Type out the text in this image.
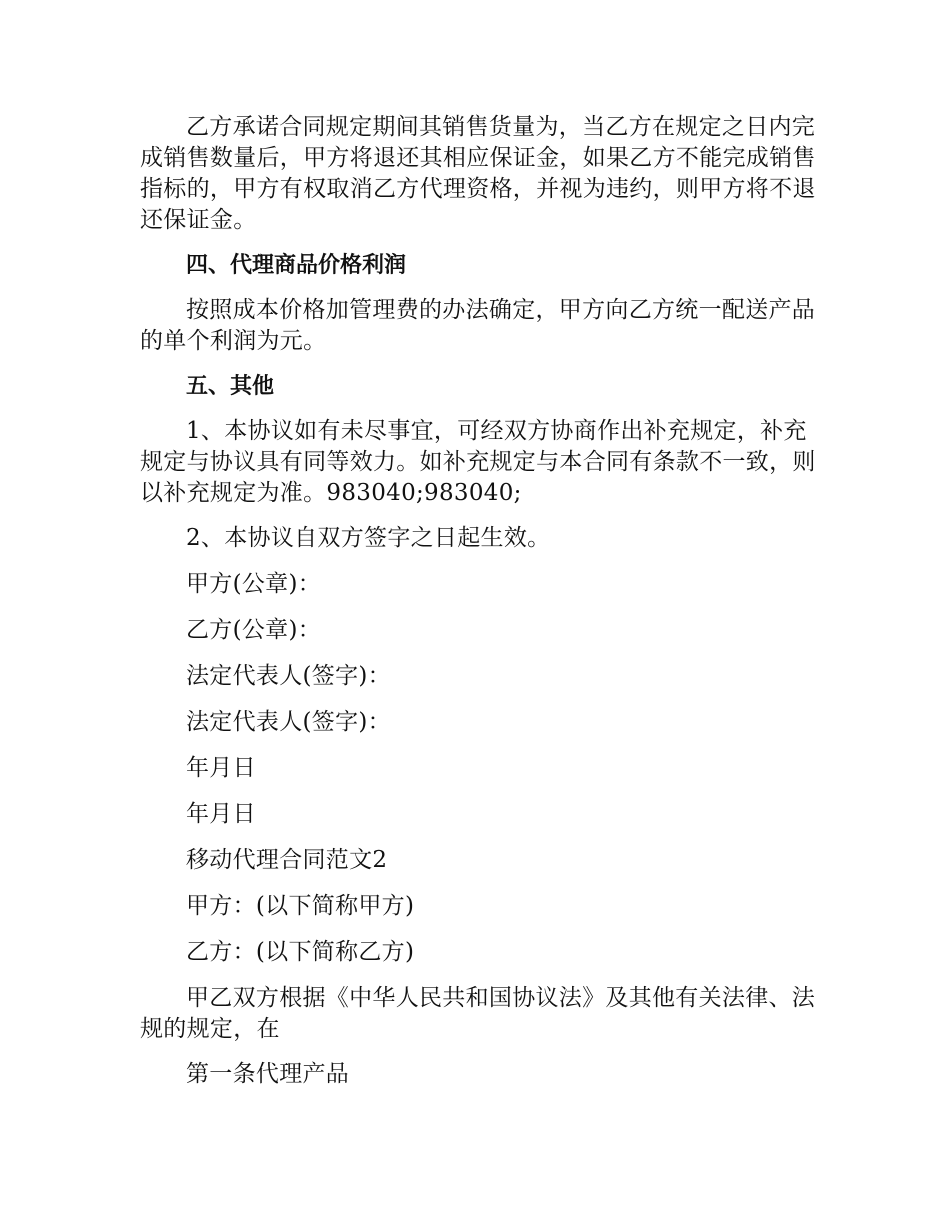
乙方承诺合同规定期间其销售货量为，当乙方在规定之日内完成销售数量后，甲方将退还其相应保证金，如果乙方不能完成销售指标的，甲方有权取消乙方代理资格，并视为违约，则甲方将不退还保证金。

四、代理商品价格利润

按照成本价格加管理费的办法确定，甲方向乙方统一配送产品的单个利润为元。

五、其他

1、本协议如有未尽事宜，可经双方协商作出补充规定，补充规定与协议具有同等效力。如补充规定与本合同有条款不一致，则以补充规定为准。983040;983040;

2、本协议自双方签字之日起生效。

甲方(公章)：

乙方(公章)：

法定代表人(签字)：

法定代表人(签字)：

年月日

年月日

移动代理合同范文2

甲方：(以下简称甲方)

乙方：(以下简称乙方)

甲乙双方根据《中华人民共和国协议法》及其他有关法律、法规的规定，在

第一条代理产品
